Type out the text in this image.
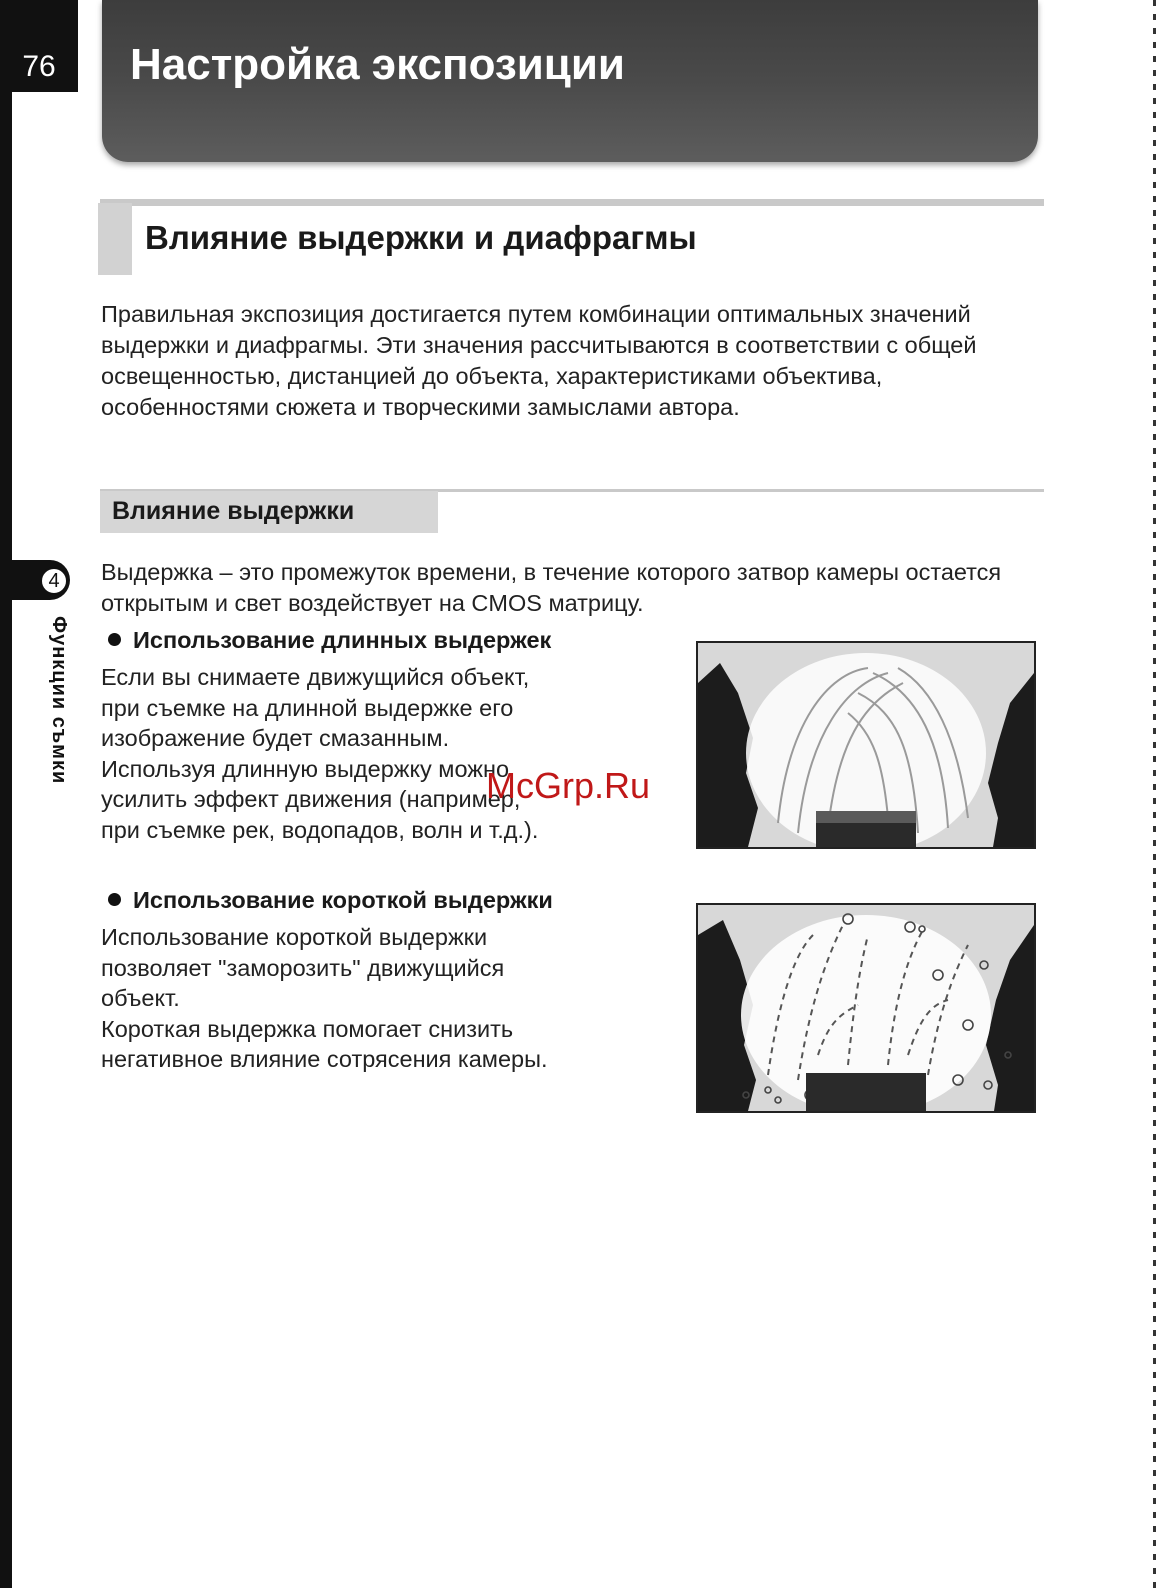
76
4
Функции съмки
Настройка экспозиции
Влияние выдержки и диафрагмы
Правильная экспозиция достигается путем комбинации оптимальных значений выдержки и диафрагмы. Эти значения рассчитываются в соответствии с общей освещенностью, дистанцией до объекта, характеристиками объектива, особенностями сюжета и творческими замыслами автора.
Влияние выдержки
Выдержка – это промежуток времени, в течение которого затвор камеры остается открытым и свет воздействует на CMOS матрицу.
Использование длинных выдержек
Если вы снимаете движущийся объект,
при съемке на длинной выдержке его
изображение будет смазанным.
Используя длинную выдержку можно
усилить эффект движения (например,
при съемке рек, водопадов, волн и т.д.).
Использование короткой выдержки
Использование короткой выдержки
позволяет "заморозить" движущийся
объект.
Короткая выдержка помогает снизить
негативное влияние сотрясения камеры.
McGrp.Ru
